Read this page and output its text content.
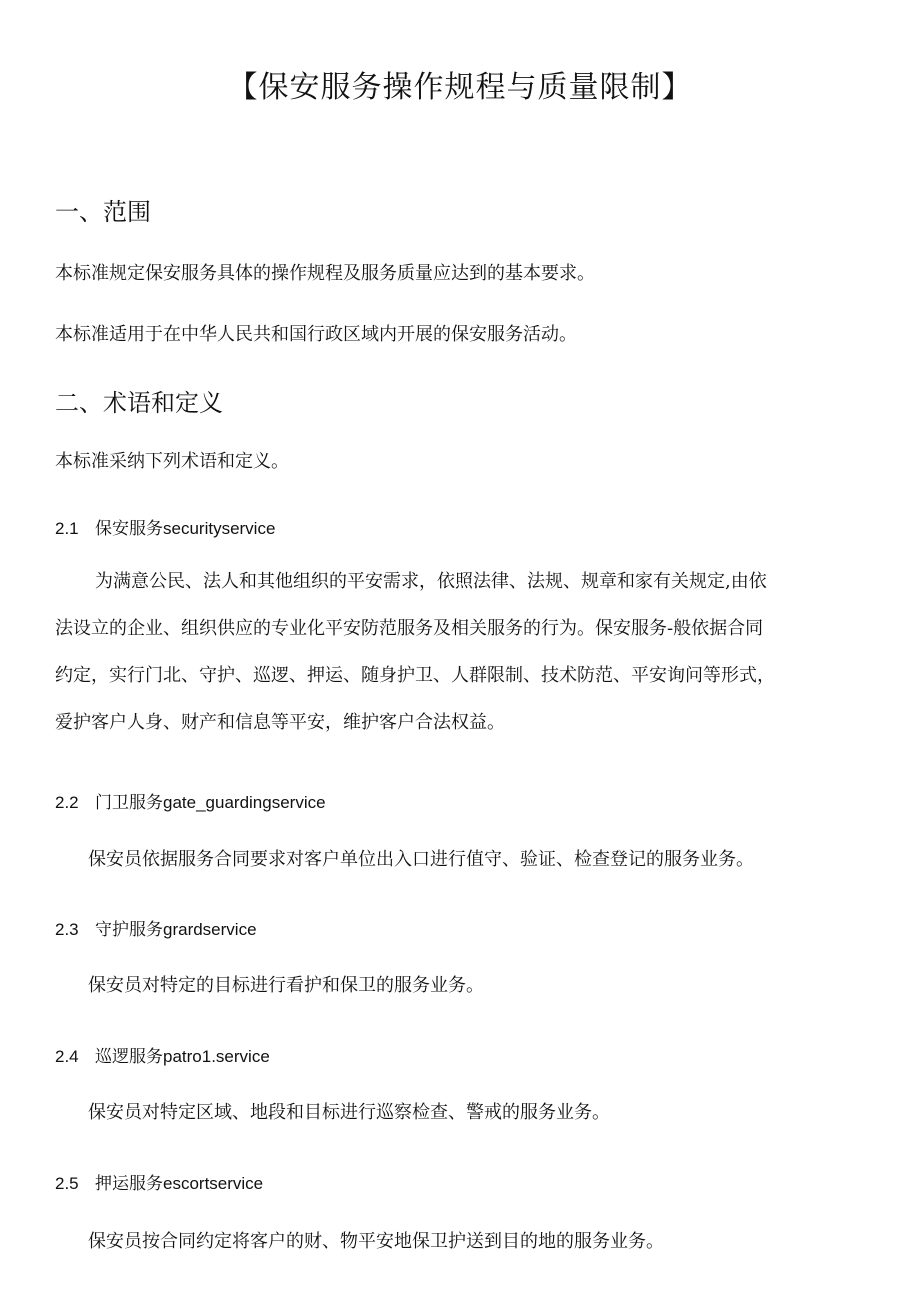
【保安服务操作规程与质量限制】
一、范围

本标准规定保安服务具体的操作规程及服务质量应达到的基本要求。

本标准适用于在中华人民共和国行政区域内开展的保安服务活动。

二、术语和定义

本标准采纳下列术语和定义。

2.1 保安服务securityservice

为满意公民、法人和其他组织的平安需求，依照法律、法规、规章和家有关规定,由依
法设立的企业、组织供应的专业化平安防范服务及相关服务的行为。保安服务-般依据合同
约定，实行门北、守护、巡逻、押运、随身护卫、人群限制、技术防范、平安询问等形式，
爱护客户人身、财产和信息等平安，维护客户合法权益。

2.2 门卫服务gate_guardingservice

保安员依据服务合同要求对客户单位出入口进行值守、验证、检查登记的服务业务。

2.3 守护服务grardservice

保安员对特定的目标进行看护和保卫的服务业务。

2.4 巡逻服务patro1.service

保安员对特定区域、地段和目标进行巡察检查、警戒的服务业务。

2.5 押运服务escortservice

保安员按合同约定将客户的财、物平安地保卫护送到目的地的服务业务。
